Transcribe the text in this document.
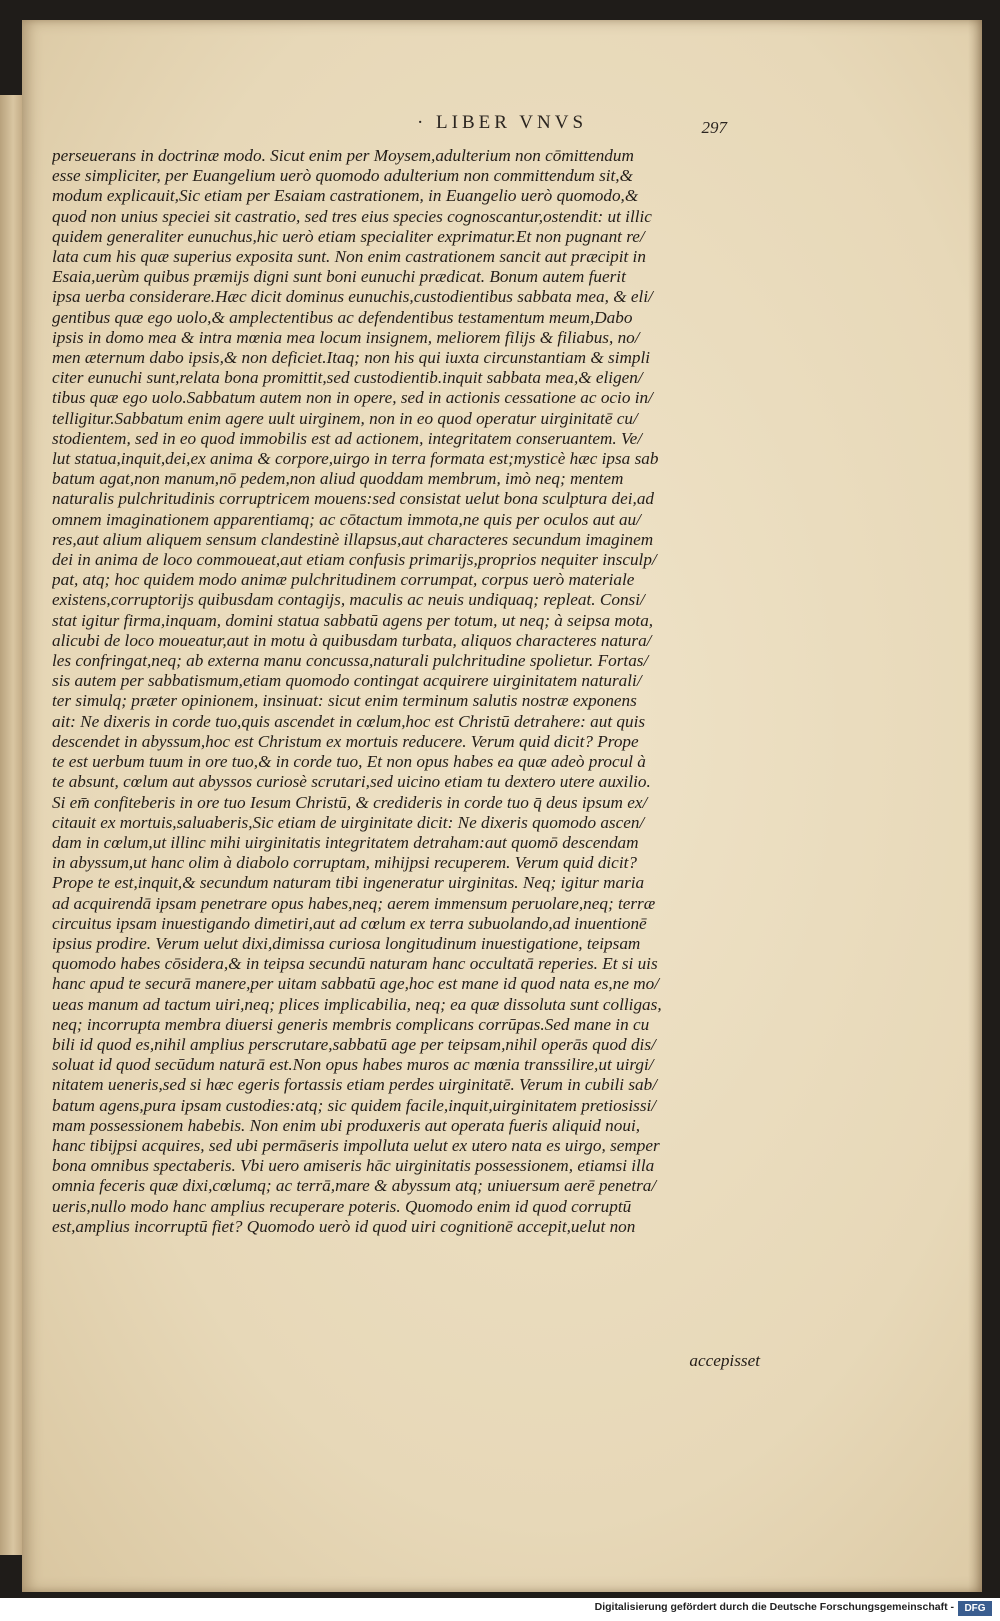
· LIBER VNVS	297
perseuerans in doctrinæ modo. Sicut enim per Moysem,adulterium non cōmittendum
esse simpliciter, per Euangelium uerò quomodo adulterium non committendum sit,&
modum explicauit,Sic etiam per Esaiam castrationem, in Euangelio uerò quomodo,&
quod non unius speciei sit castratio, sed tres eius species cognoscantur,ostendit: ut illic
quidem generaliter eunuchus,hic uerò etiam specialiter exprimatur.Et non pugnant re/
lata cum his quæ superius exposita sunt. Non enim castrationem sancit aut præcipit in
Esaia,uerùm quibus præmijs digni sunt boni eunuchi prædicat. Bonum autem fuerit
ipsa uerba considerare.Hæc dicit dominus eunuchis,custodientibus sabbata mea, & eli/
gentibus quæ ego uolo,& amplectentibus ac defendentibus testamentum meum,Dabo
ipsis in domo mea & intra mœnia mea locum insignem, meliorem filijs & filiabus, no/
men æternum dabo ipsis,& non deficiet.Itaq; non his qui iuxta circunstantiam & simpli
citer eunuchi sunt,relata bona promittit,sed custodientib.inquit sabbata mea,& eligen/
tibus quæ ego uolo.Sabbatum autem non in opere, sed in actionis cessatione ac ocio in/
telligitur.Sabbatum enim agere uult uirginem, non in eo quod operatur uirginitatē cu/
stodientem, sed in eo quod immobilis est ad actionem, integritatem conseruantem. Ve/
lut statua,inquit,dei,ex anima & corpore,uirgo in terra formata est;mysticè hæc ipsa sab
batum agat,non manum,nō pedem,non aliud quoddam membrum, imò neq; mentem
naturalis pulchritudinis corruptricem mouens:sed consistat uelut bona sculptura dei,ad
omnem imaginationem apparentiamq; ac cōtactum immota,ne quis per oculos aut au/
res,aut alium aliquem sensum clandestinè illapsus,aut characteres secundum imaginem
dei in anima de loco commoueat,aut etiam confusis primarijs,proprios nequiter insculp/
pat, atq; hoc quidem modo animæ pulchritudinem corrumpat, corpus uerò materiale
existens,corruptorijs quibusdam contagijs, maculis ac neuis undiquaq; repleat. Consi/
stat igitur firma,inquam, domini statua sabbatū agens per totum, ut neq; à seipsa mota,
alicubi de loco moueatur,aut in motu à quibusdam turbata, aliquos characteres natura/
les confringat,neq; ab externa manu concussa,naturali pulchritudine spolietur. Fortas/
sis autem per sabbatismum,etiam quomodo contingat acquirere uirginitatem naturali/
ter simulq; præter opinionem, insinuat: sicut enim terminum salutis nostræ exponens
ait: Ne dixeris in corde tuo,quis ascendet in cœlum,hoc est Christū detrahere: aut quis
descendet in abyssum,hoc est Christum ex mortuis reducere. Verum quid dicit? Prope
te est uerbum tuum in ore tuo,& in corde tuo, Et non opus habes ea quæ adeò procul à
te absunt, cœlum aut abyssos curiosè scrutari,sed uicino etiam tu dextero utere auxilio.
Si em̄ confiteberis in ore tuo Iesum Christū, & credideris in corde tuo q̄ deus ipsum ex/
citauit ex mortuis,saluaberis,Sic etiam de uirginitate dicit: Ne dixeris quomodo ascen/
dam in cœlum,ut illinc mihi uirginitatis integritatem detraham:aut quomō descendam
in abyssum,ut hanc olim à diabolo corruptam, mihijpsi recuperem. Verum quid dicit?
Prope te est,inquit,& secundum naturam tibi ingeneratur uirginitas. Neq; igitur maria
ad acquirendā ipsam penetrare opus habes,neq; aerem immensum peruolare,neq; terræ
circuitus ipsam inuestigando dimetiri,aut ad cœlum ex terra subuolando,ad inuentionē
ipsius prodire. Verum uelut dixi,dimissa curiosa longitudinum inuestigatione, teipsam
quomodo habes cōsidera,& in teipsa secundū naturam hanc occultatā reperies. Et si uis
hanc apud te securā manere,per uitam sabbatū age,hoc est mane id quod nata es,ne mo/
ueas manum ad tactum uiri,neq; plices implicabilia, neq; ea quæ dissoluta sunt colligas,
neq; incorrupta membra diuersi generis membris complicans corrūpas.Sed mane in cu
bili id quod es,nihil amplius perscrutare,sabbatū age per teipsam,nihil operās quod dis/
soluat id quod secūdum naturā est.Non opus habes muros ac mœnia transsilire,ut uirgi/
nitatem ueneris,sed si hæc egeris fortassis etiam perdes uirginitatē. Verum in cubili sab/
batum agens,pura ipsam custodies:atq; sic quidem facile,inquit,uirginitatem pretiosissi/
mam possessionem habebis. Non enim ubi produxeris aut operata fueris aliquid noui,
hanc tibijpsi acquires, sed ubi permāseris impolluta uelut ex utero nata es uirgo, semper
bona omnibus spectaberis. Vbi uero amiseris hāc uirginitatis possessionem, etiamsi illa
omnia feceris quæ dixi,cœlumq; ac terrā,mare & abyssum atq; uniuersum aerē penetra/
ueris,nullo modo hanc amplius recuperare poteris. Quomodo enim id quod corruptū
est,amplius incorruptū fiet? Quomodo uerò id quod uiri cognitionē accepit,uelut non
accepisset
Digitalisierung gefördert durch die Deutsche Forschungsgemeinschaft -	DFG
